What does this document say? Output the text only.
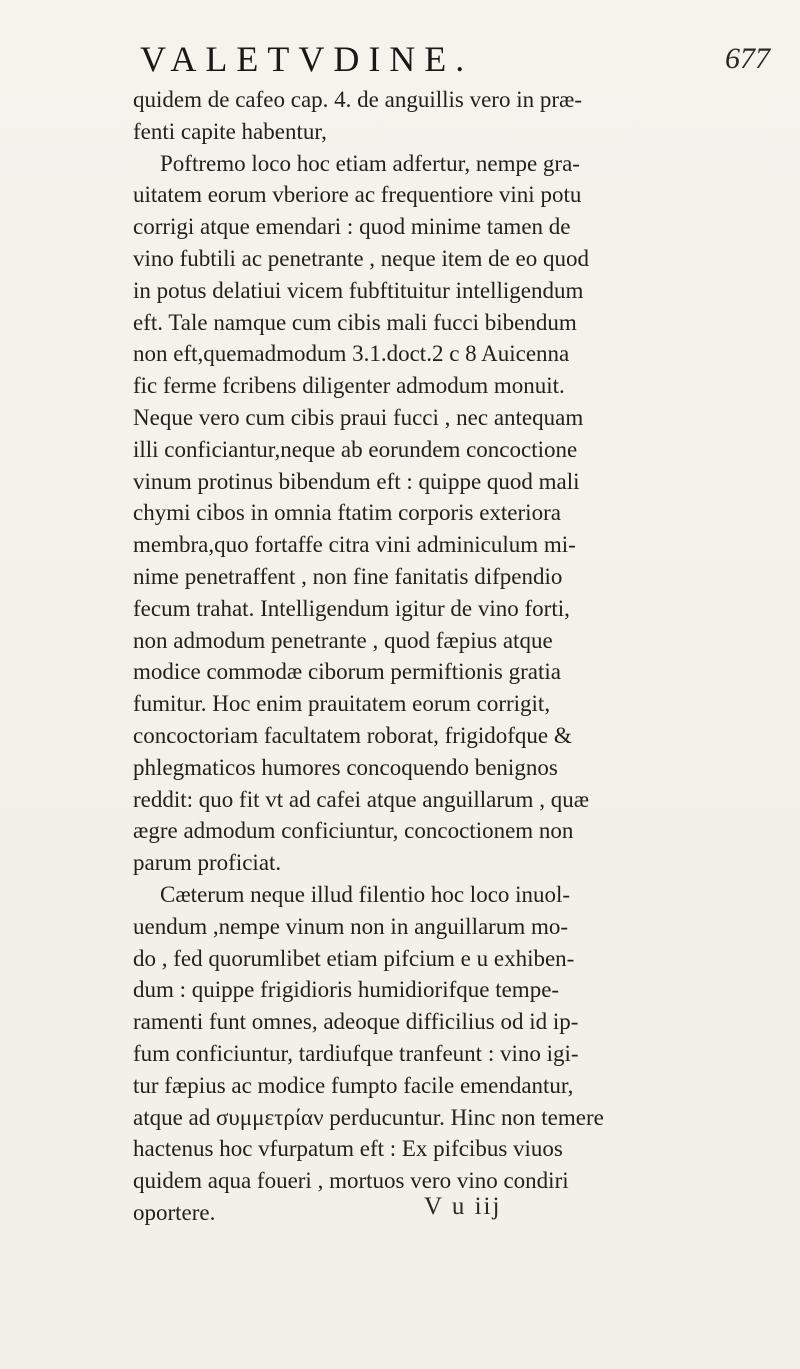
VALETVDINE.	677
quidem de cafeo cap. 4. de anguillis vero in præ-
fenti capite habentur,
Poftremo loco hoc etiam adfertur, nempe gra-
uitatem eorum vberiore ac frequentiore vini potu
corrigi atque emendari : quod minime tamen de
vino fubtili ac penetrante , neque item de eo quod
in potus delatiui vicem fubftituitur intelligendum
eft. Tale namque cum cibis mali fucci bibendum
non eft,quemadmodum 3.1.doct.2 c 8 Auicenna
fic ferme fcribens diligenter admodum monuit.
Neque vero cum cibis praui fucci , nec antequam
illi conficiantur,neque ab eorundem concoctione
vinum protinus bibendum eft : quippe quod mali
chymi cibos in omnia ftatim corporis exteriora
membra,quo fortaffe citra vini adminiculum mi-
nime penetraffent , non fine fanitatis difpendio
fecum trahat. Intelligendum igitur de vino forti,
non admodum penetrante , quod fæpius atque
modice commodæ ciborum permiftionis gratia
fumitur. Hoc enim prauitatem eorum corrigit,
concoctoriam facultatem roborat, frigidofque &
phlegmaticos humores concoquendo benignos
reddit: quo fit vt ad cafei atque anguillarum , quæ
ægre admodum conficiuntur, concoctionem non
parum proficiat.
Cæterum neque illud filentio hoc loco inuol-
uendum ,nempe vinum non in anguillarum mo-
do , fed quorumlibet etiam pifcium e u exhiben-
dum : quippe frigidioris humidiorifque tempe-
ramenti funt omnes, adeoque difficilius od id ip-
fum conficiuntur, tardiufque tranfeunt : vino igi-
tur fæpius ac modice fumpto facile emendantur,
atque ad συμμετρίαν perducuntur. Hinc non temere
hactenus hoc vfurpatum eft : Ex pifcibus viuos
quidem aqua foueri , mortuos vero vino condiri
oportere.	V u iij
